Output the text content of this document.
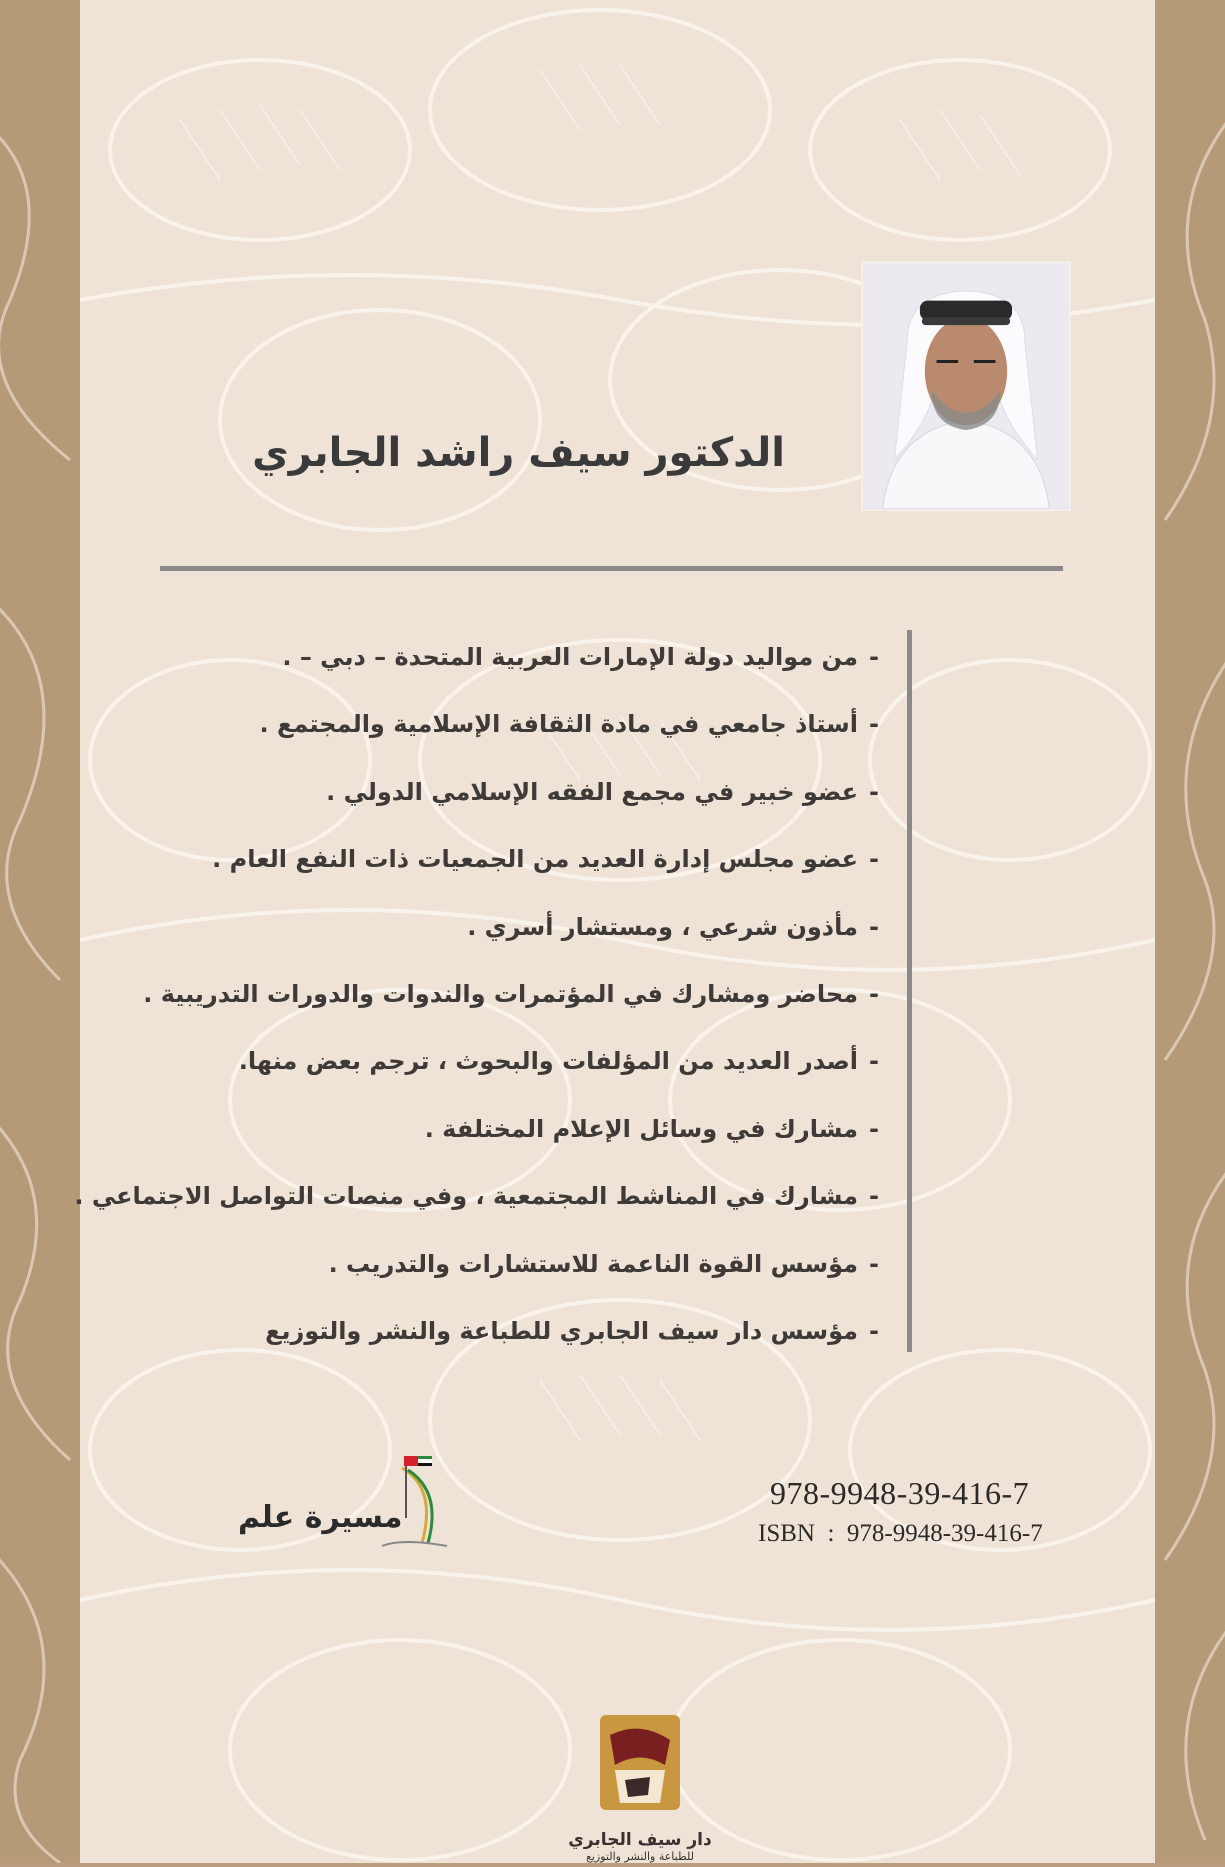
الدكتور سيف راشد الجابري
-من مواليد دولة الإمارات العربية المتحدة – دبي – .
-أستاذ جامعي في مادة الثقافة الإسلامية والمجتمع .
-عضو خبير في مجمع الفقه الإسلامي الدولي .
-عضو مجلس إدارة العديد من الجمعيات ذات النفع العام .
-مأذون شرعي ، ومستشار أسري .
-محاضر ومشارك في المؤتمرات والندوات والدورات التدريبية .
-أصدر العديد من المؤلفات والبحوث ، ترجم بعض منها.
-مشارك في وسائل الإعلام المختلفة .
-مشارك في المناشط المجتمعية ، وفي منصات التواصل الاجتماعي .
-مؤسس القوة الناعمة للاستشارات والتدريب .
-مؤسس دار سيف الجابري للطباعة والنشر والتوزيع
مسيرة علم
978-9948-39-416-7
ISBN  :  978-9948-39-416-7
دار سيف الجابري
للطباعة والنشر والتوزيع
